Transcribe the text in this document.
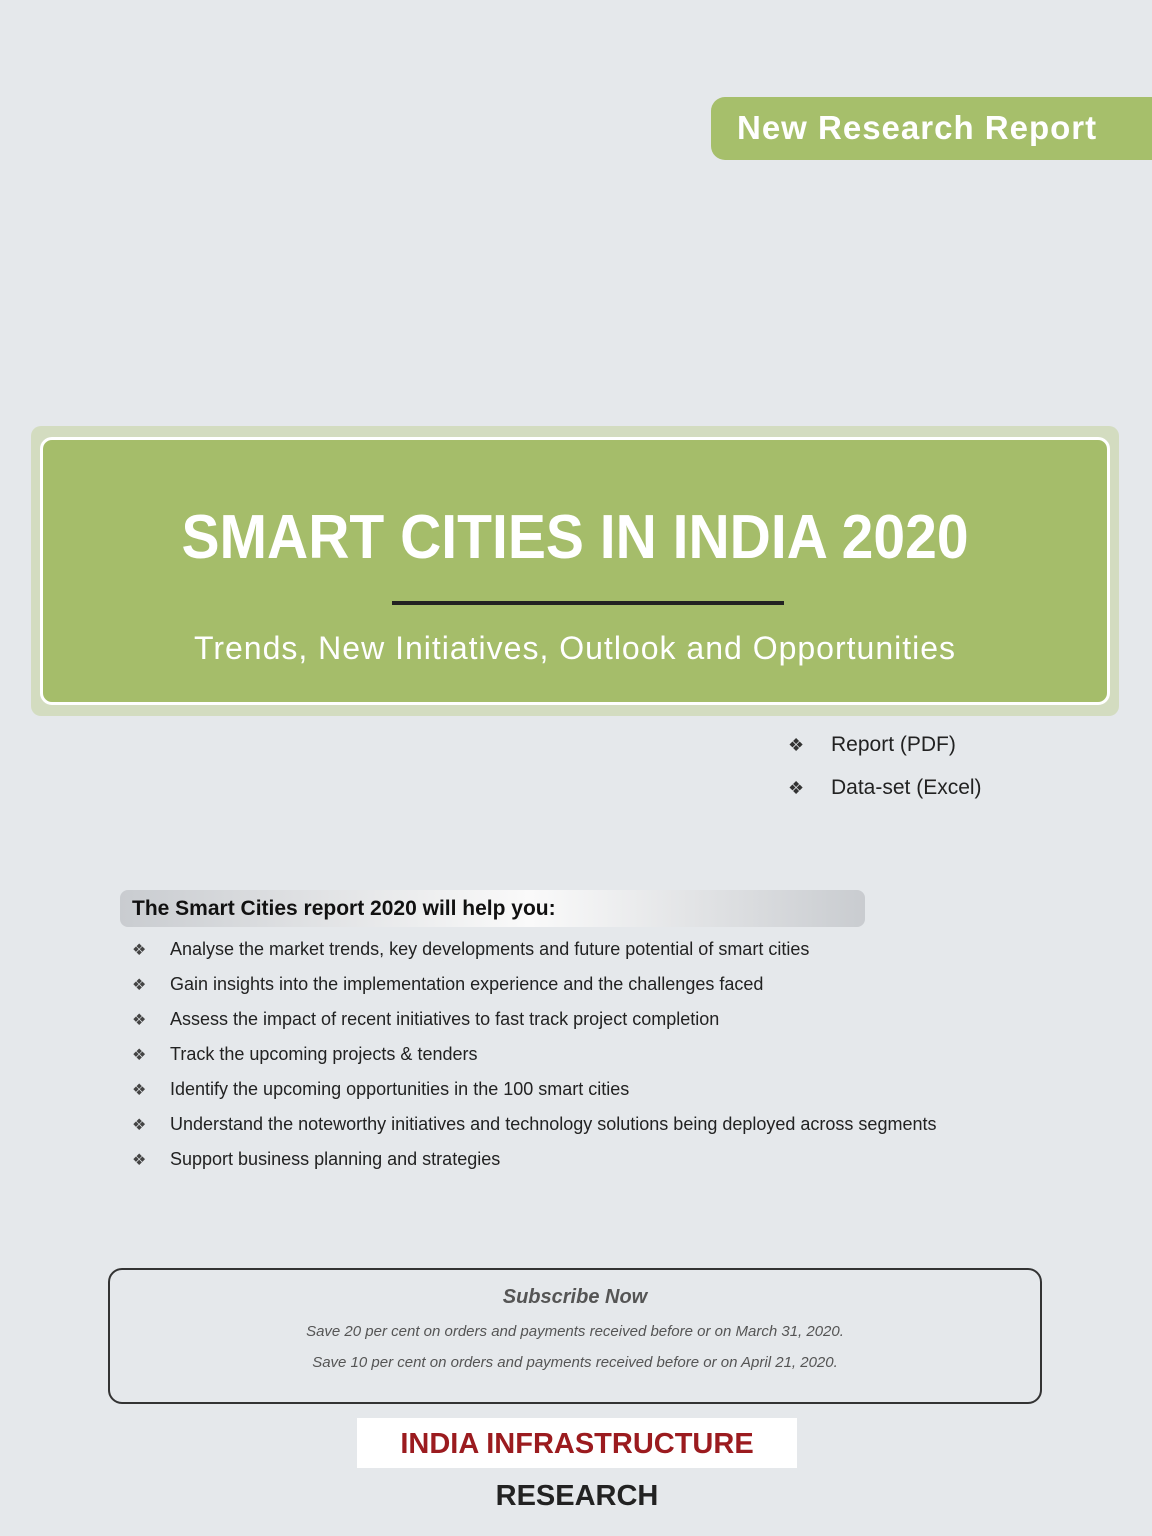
New Research Report
SMART CITIES IN INDIA 2020
Trends, New Initiatives, Outlook and Opportunities
❖ Report (PDF)
❖ Data-set (Excel)
The Smart Cities report 2020 will help you:
❖ Analyse the market trends, key developments and future potential of smart cities
❖ Gain insights into the implementation experience and the challenges faced
❖ Assess the impact of recent initiatives to fast track project completion
❖ Track the upcoming projects & tenders
❖ Identify the upcoming opportunities in the 100 smart cities
❖ Understand the noteworthy initiatives and technology solutions being deployed across segments
❖ Support business planning and strategies
Subscribe Now
Save 20 per cent on orders and payments received before or on March 31, 2020.
Save 10 per cent on orders and payments received before or on April 21, 2020.
INDIA INFRASTRUCTURE RESEARCH
